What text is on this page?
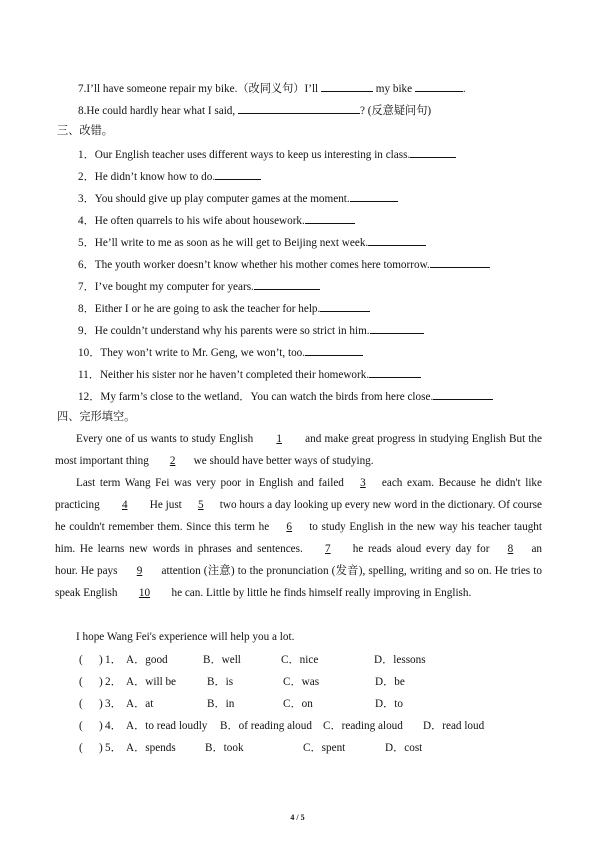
7.I’ll have someone repair my bike.（改同义句）I’ll	my bike	.
8.He could hardly hear what I said,	? (反意疑问句)
三、改错。
1．Our English teacher uses different ways to keep us interesting in class.
2．He didn’t know how to do.
3．You should give up play computer games at the moment.
4．He often quarrels to his wife about housework.
5．He’ll write to me as soon as he will get to Beijing next week.
6．The youth worker doesn’t know whether his mother comes here tomorrow.
7．I’ve bought my computer for years.
8．Either I or he are going to ask the teacher for help.
9．He couldn’t understand why his parents were so strict in him.
10．They won’t write to Mr. Geng, we won’t, too.
11．Neither his sister nor he haven’t completed their homework.
12．My farm’s close to the wetland．You can watch the birds from here close.
四、完形填空。
Every one of us wants to study English 1 and make great progress in studying English But the most important thing 2 we should have better ways of studying.
Last term Wang Fei was very poor in English and failed 3 each exam. Because he didn't like practicing 4 He just 5 two hours a day looking up every new word in the dictionary. Of course he couldn't remember them. Since this term he 6 to study English in the new way his teacher taught him. He learns new words in phrases and sentences. 7 he reads aloud every day for 8 an hour. He pays 9 attention (注意) to the pronunciation (发音), spelling, writing and so on. He tries to speak English 10 he can. Little by little he finds himself really improving in English.
I hope Wang Fei's experience will help you a lot.
( ) 1． A．good	B．well	C．nice	D．lessons
( ) 2． A．will be	B．is	C．was	D．be
( ) 3． A．at	B．in	C．on	D．to
( ) 4． A．to read loudly B．of reading aloud C．reading aloud D．read loud
( ) 5． A．spends	B．took	C．spent	D．cost
4 / 5
